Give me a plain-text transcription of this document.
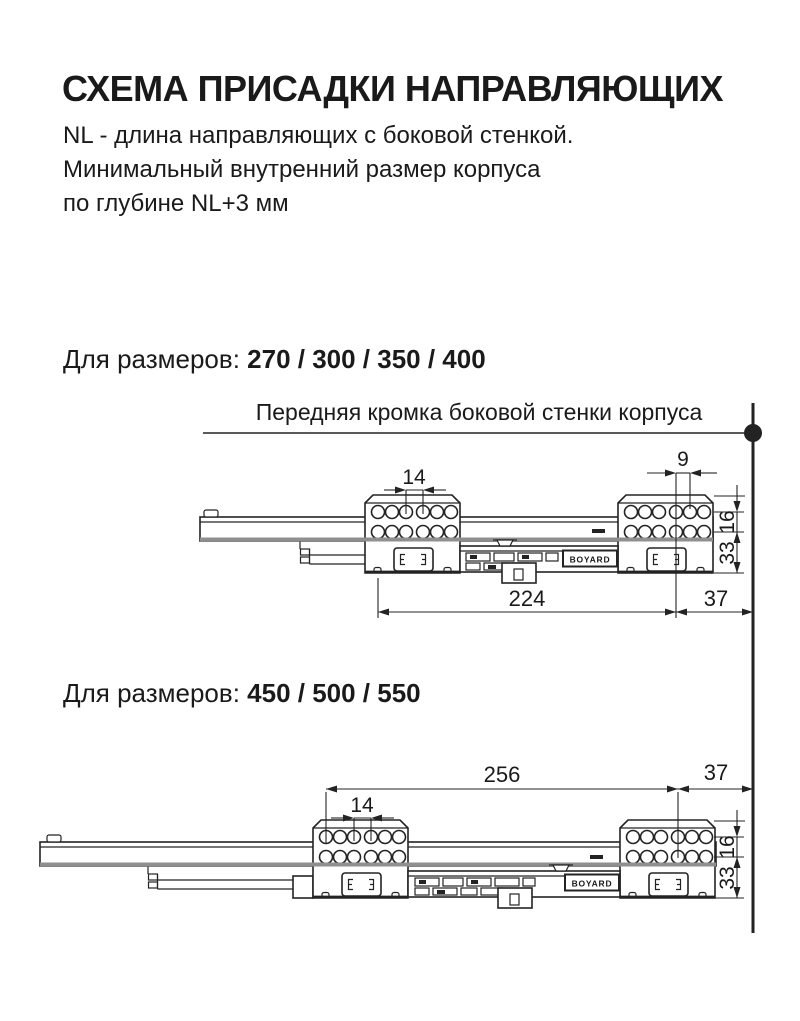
СХЕМА ПРИСАДКИ НАПРАВЛЯЮЩИХ
NL - длина направляющих с боковой стенкой.
Минимальный внутренний размер корпуса
по глубине NL+3 мм
Для размеров: 270 / 300 / 350 / 400
Передняя кромка боковой стенки корпуса
Для размеров: 450 / 500 / 550
BOYARD
14
9
16
33
224	37
BOYARD
256	37
14
16
33
